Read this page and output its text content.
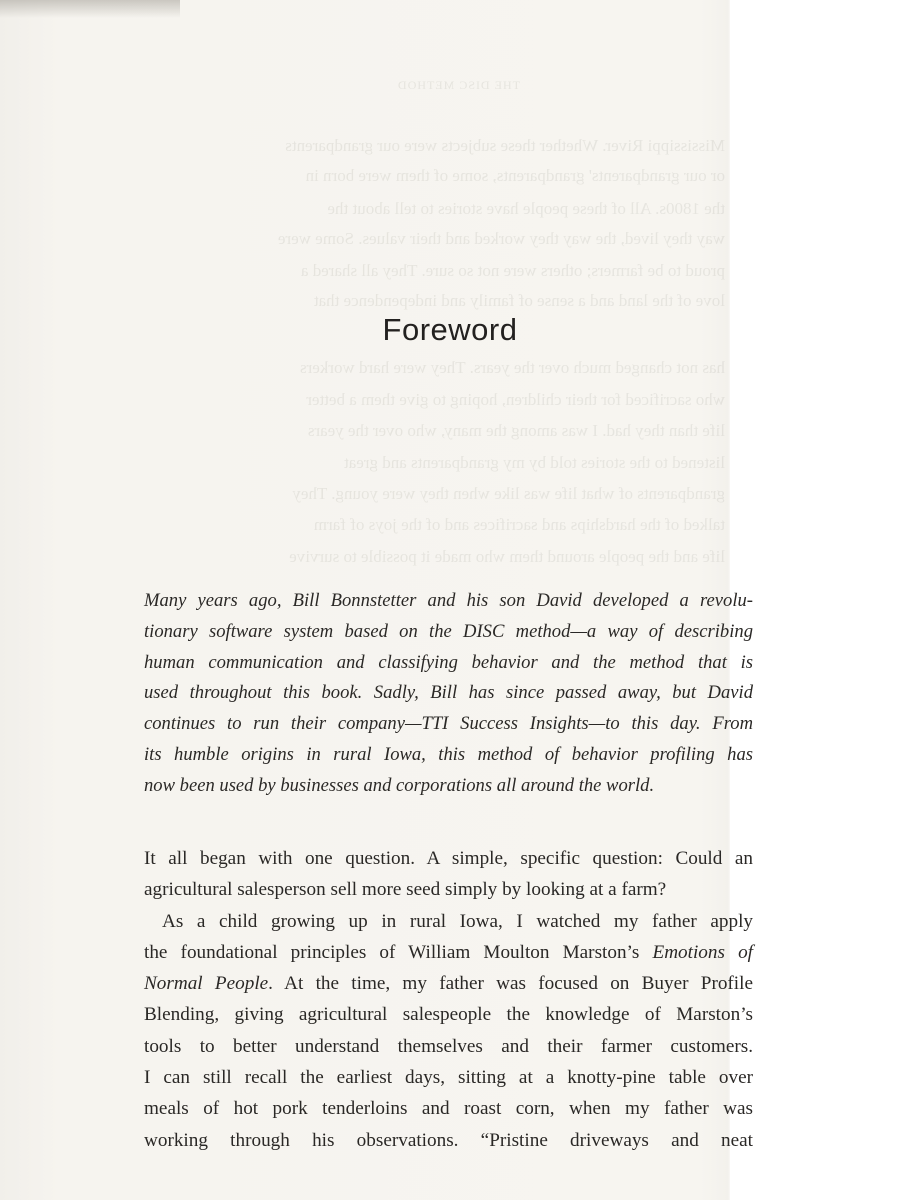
THE DISC METHOD
Mississippi River. Whether these subjects were our grandparents
or our grandparents' grandparents, some of them were born in
the 1800s. All of these people have stories to tell about the
way they lived, the way they worked and their values. Some were
proud to be farmers; others were not so sure. They all shared a
love of the land and a sense of family and independence that
has not changed much over the years. They were hard workers
who sacrificed for their children, hoping to give them a better
life than they had. I was among the many, who over the years
listened to the stories told by my grandparents and great
grandparents of what life was like when they were young. They
talked of the hardships and sacrifices and of the joys of farm
life and the people around them who made it possible to survive
Foreword
Many years ago, Bill Bonnstetter and his son David developed a revolu-
tionary software system based on the DISC method—a way of describing
human communication and classifying behavior and the method that is
used throughout this book. Sadly, Bill has since passed away, but David
continues to run their company—TTI Success Insights—to this day. From
its humble origins in rural Iowa, this method of behavior profiling has
now been used by businesses and corporations all around the world.
It all began with one question. A simple, specific question: Could an
agricultural salesperson sell more seed simply by looking at a farm?
As a child growing up in rural Iowa, I watched my father apply
the foundational principles of William Moulton Marston’s Emotions of
Normal People. At the time, my father was focused on Buyer Profile
Blending, giving agricultural salespeople the knowledge of Marston’s
tools to better understand themselves and their farmer customers.
I can still recall the earliest days, sitting at a knotty-pine table over
meals of hot pork tenderloins and roast corn, when my father was
working through his observations. “Pristine driveways and neat
